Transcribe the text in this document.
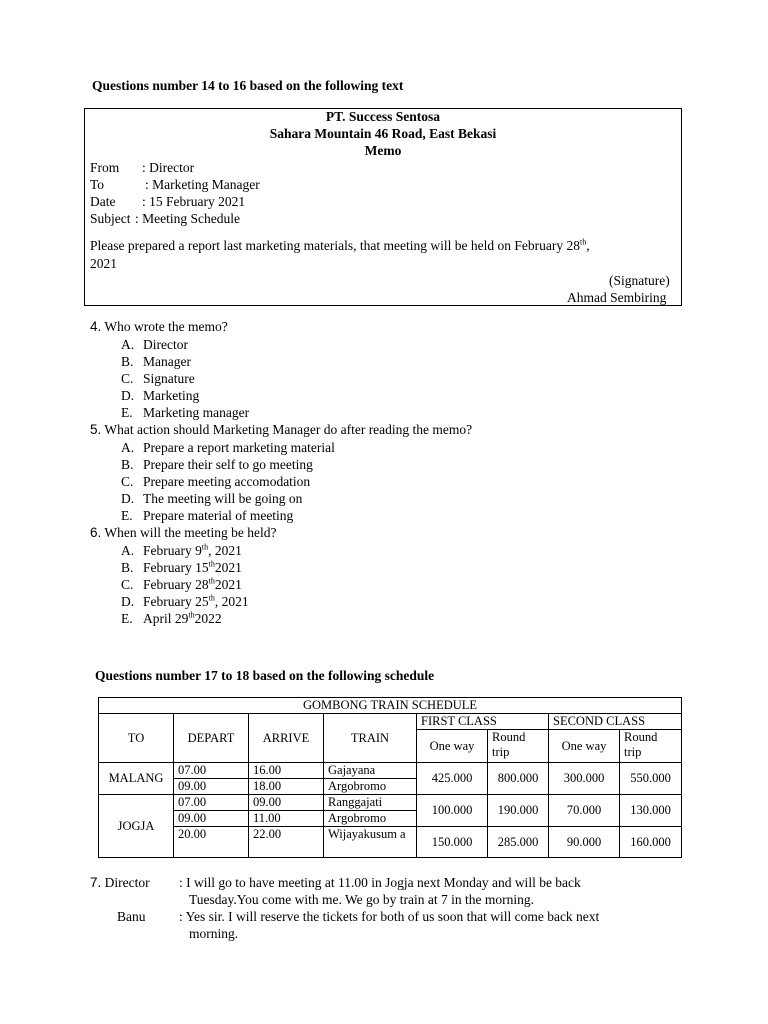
Questions number 14 to 16 based on the following text
PT. Success Sentosa
Sahara Mountain 46 Road, East Bekasi
Memo
From : Director
To	: Marketing Manager
Date : 15 February 2021
Subject : Meeting Schedule
Please prepared a report last marketing materials, that meeting will be held on February 28th,
2021
(Signature)
Ahmad Sembiring
4. Who wrote the memo?
5. What action should Marketing Manager do after reading the memo?
6. When will the meeting be held?
Questions number 17 to 18 based on the following schedule
GOMBONG TRAIN SCHEDULE							
TO	DEPART	ARRIVE	TRAIN	FIRST CLASS		SECOND CLASS	
				One way	Round trip	One way	Round trip
MALANG	07.00	16.00	Gajayana	425.000	800.000	300.000	550.000
	09.00	18.00	Argobromo				
JOGJA	07.00	09.00	Ranggajati	100.000	190.000	70.000	130.000
	09.00	11.00	Argobromo				
	20.00	22.00	Wijayakusum a	150.000	285.000	90.000	160.000
7. Director : I will go to have meeting at 11.00 in Jogja next Monday and will be back
Tuesday.You come with me. We go by train at 7 in the morning.
Banu : Yes sir. I will reserve the tickets for both of us soon that will come back next
morning.
A. Director
B. Manager
C. Signature
D. Marketing
E. Marketing manager
A. Prepare a report marketing material
B. Prepare their self to go meeting
C. Prepare meeting accomodation
D. The meeting will be going on
E. Prepare material of meeting
A. February 9th, 2021
B. February 15th2021
C. February 28th2021
D. February 25th, 2021
E. April 29th2022
